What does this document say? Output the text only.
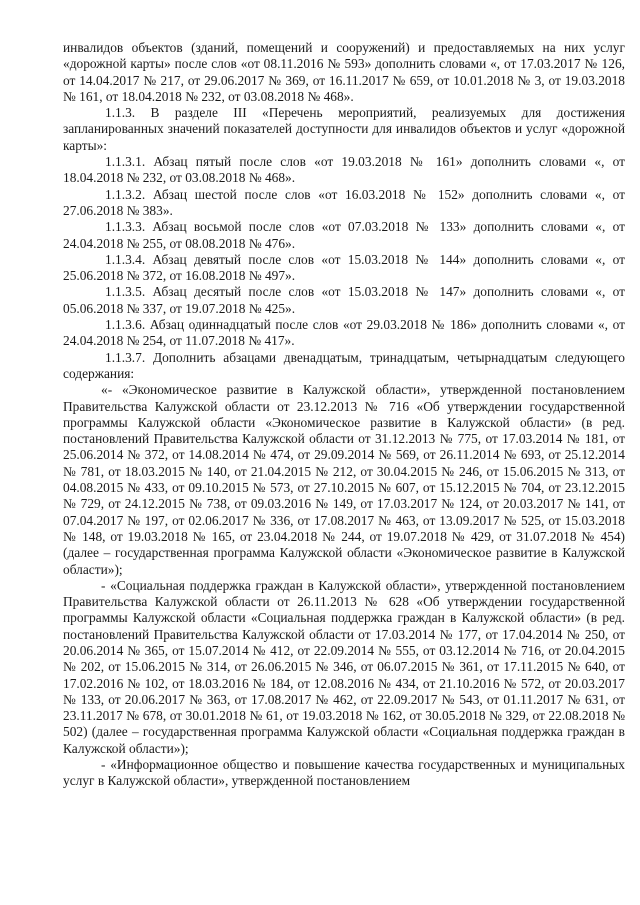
инвалидов объектов (зданий, помещений и сооружений) и предоставляемых на них услуг «дорожной карты» после слов «от 08.11.2016 № 593» дополнить словами «, от 17.03.2017 № 126, от 14.04.2017 № 217, от 29.06.2017 № 369, от 16.11.2017 № 659, от 10.01.2018 № 3, от 19.03.2018 № 161, от 18.04.2018 № 232, от 03.08.2018 № 468».

1.1.3. В разделе III «Перечень мероприятий, реализуемых для достижения запланированных значений показателей доступности для инвалидов объектов и услуг «дорожной карты»:

1.1.3.1. Абзац пятый после слов «от 19.03.2018 № 161» дополнить словами «, от 18.04.2018 № 232, от 03.08.2018 № 468».

1.1.3.2. Абзац шестой после слов «от 16.03.2018 № 152» дополнить словами «, от 27.06.2018 № 383».

1.1.3.3. Абзац восьмой после слов «от 07.03.2018 № 133» дополнить словами «, от 24.04.2018 № 255, от 08.08.2018 № 476».

1.1.3.4. Абзац девятый после слов «от 15.03.2018 № 144» дополнить словами «, от 25.06.2018 № 372, от 16.08.2018 № 497».

1.1.3.5. Абзац десятый после слов «от 15.03.2018 № 147» дополнить словами «, от 05.06.2018 № 337, от 19.07.2018 № 425».

1.1.3.6. Абзац одиннадцатый после слов «от 29.03.2018 № 186» дополнить словами «, от 24.04.2018 № 254, от 11.07.2018 № 417».

1.1.3.7. Дополнить абзацами двенадцатым, тринадцатым, четырнадцатым следующего содержания:

«- «Экономическое развитие в Калужской области», утвержденной постановлением Правительства Калужской области от 23.12.2013 № 716 «Об утверждении государственной программы Калужской области «Экономическое развитие в Калужской области» (в ред. постановлений Правительства Калужской области от 31.12.2013 № 775, от 17.03.2014 № 181, от 25.06.2014 № 372, от 14.08.2014 № 474, от 29.09.2014 № 569, от 26.11.2014 № 693, от 25.12.2014 № 781, от 18.03.2015 № 140, от 21.04.2015 № 212, от 30.04.2015 № 246, от 15.06.2015 № 313, от 04.08.2015 № 433, от 09.10.2015 № 573, от 27.10.2015 № 607, от 15.12.2015 № 704, от 23.12.2015 № 729, от 24.12.2015 № 738, от 09.03.2016 № 149, от 17.03.2017 № 124, от 20.03.2017 № 141, от 07.04.2017 № 197, от 02.06.2017 № 336, от 17.08.2017 № 463, от 13.09.2017 № 525, от 15.03.2018 № 148, от 19.03.2018 № 165, от 23.04.2018 № 244, от 19.07.2018 № 429, от 31.07.2018 № 454) (далее – государственная программа Калужской области «Экономическое развитие в Калужской области»);

- «Социальная поддержка граждан в Калужской области», утвержденной постановлением Правительства Калужской области от 26.11.2013 № 628 «Об утверждении государственной программы Калужской области «Социальная поддержка граждан в Калужской области» (в ред. постановлений Правительства Калужской области от 17.03.2014 № 177, от 17.04.2014 № 250, от 20.06.2014 № 365, от 15.07.2014 № 412, от 22.09.2014 № 555, от 03.12.2014 № 716, от 20.04.2015 № 202, от 15.06.2015 № 314, от 26.06.2015 № 346, от 06.07.2015 № 361, от 17.11.2015 № 640, от 17.02.2016 № 102, от 18.03.2016 № 184, от 12.08.2016 № 434, от 21.10.2016 № 572, от 20.03.2017 № 133, от 20.06.2017 № 363, от 17.08.2017 № 462, от 22.09.2017 № 543, от 01.11.2017 № 631, от 23.11.2017 № 678, от 30.01.2018 № 61, от 19.03.2018 № 162, от 30.05.2018 № 329, от 22.08.2018 № 502) (далее – государственная программа Калужской области «Социальная поддержка граждан в Калужской области»);

- «Информационное общество и повышение качества государственных и муниципальных услуг в Калужской области», утвержденной постановлением
